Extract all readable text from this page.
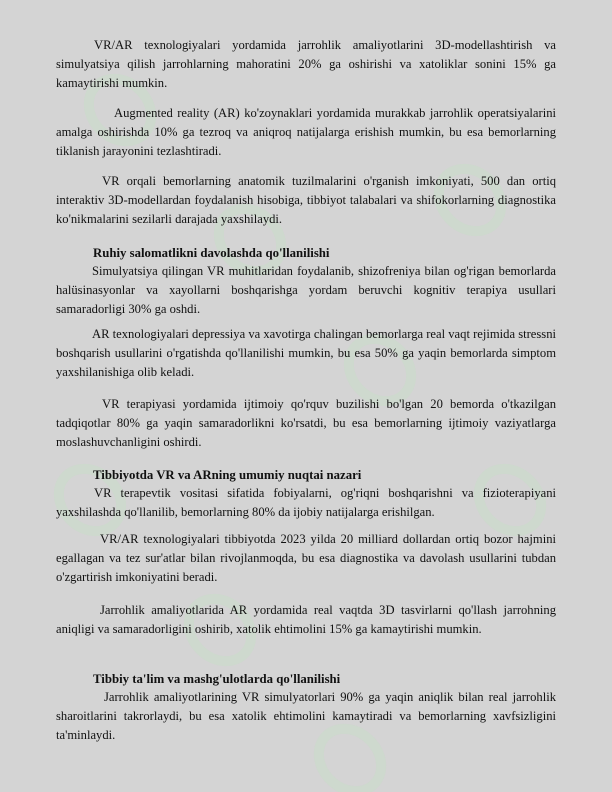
VR/AR texnologiyalari yordamida jarrohlik amaliyotlarini 3D-modellashtirish va simulyatsiya qilish jarrohlarning mahoratini 20% ga oshirishi va xatoliklar sonini 15% ga kamaytirishi mumkin.

Augmented reality (AR) ko'zoynaklari yordamida murakkab jarrohlik operatsiyalarini amalga oshirishda 10% ga tezroq va aniqroq natijalarga erishish mumkin, bu esa bemorlarning tiklanish jarayonini tezlashtiradi.

VR orqali bemorlarning anatomik tuzilmalarini o'rganish imkoniyati, 500 dan ortiq interaktiv 3D-modellardan foydalanish hisobiga, tibbiyot talabalari va shifokorlarning diagnostika ko'nikmalarini sezilarli darajada yaxshilaydi.

Ruhiy salomatlikni davolashda qo'llanilishi

Simulyatsiya qilingan VR muhitlaridan foydalanib, shizofreniya bilan og'rigan bemorlarda halüsinasyonlar va xayollarni boshqarishga yordam beruvchi kognitiv terapiya usullari samaradorligi 30% ga oshdi.

AR texnologiyalari depressiya va xavotirga chalingan bemorlarga real vaqt rejimida stressni boshqarish usullarini o'rgatishda qo'llanilishi mumkin, bu esa 50% ga yaqin bemorlarda simptom yaxshilanishiga olib keladi.

VR terapiyasi yordamida ijtimoiy qo'rquv buzilishi bo'lgan 20 bemorda o'tkazilgan tadqiqotlar 80% ga yaqin samaradorlikni ko'rsatdi, bu esa bemorlarning ijtimoiy vaziyatlarga moslashuvchanligini oshirdi.

Tibbiyotda VR va ARning umumiy nuqtai nazari

VR terapevtik vositasi sifatida fobiyalarni, og'riqni boshqarishni va fizioterapiyani yaxshilashda qo'llanilib, bemorlarning 80% da ijobiy natijalarga erishilgan.

VR/AR texnologiyalari tibbiyotda 2023 yilda 20 milliard dollardan ortiq bozor hajmini egallagan va tez sur'atlar bilan rivojlanmoqda, bu esa diagnostika va davolash usullarini tubdan o'zgartirish imkoniyatini beradi.

Jarrohlik amaliyotlarida AR yordamida real vaqtda 3D tasvirlarni qo'llash jarrohning aniqligi va samaradorligini oshirib, xatolik ehtimolini 15% ga kamaytirishi mumkin.

Tibbiy ta'lim va mashg'ulotlarda qo'llanilishi

Jarrohlik amaliyotlarining VR simulyatorlari 90% ga yaqin aniqlik bilan real jarrohlik sharoitlarini takrorlaydi, bu esa xatolik ehtimolini kamaytiradi va bemorlarning xavfsizligini ta'minlaydi.
